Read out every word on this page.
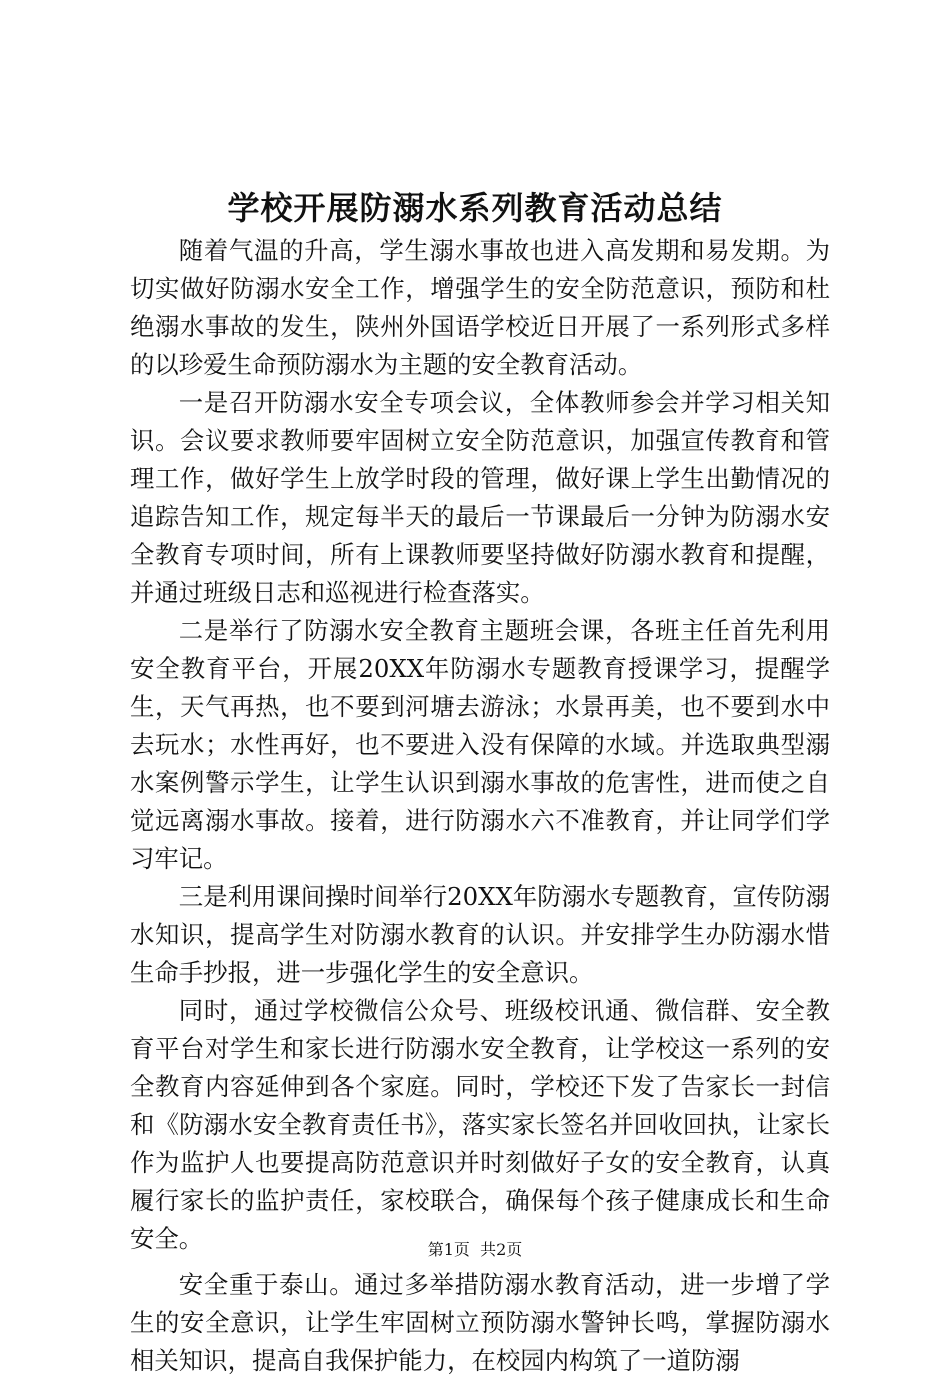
学校开展防溺水系列教育活动总结

随着气温的升高，学生溺水事故也进入高发期和易发期。为切实做好防溺水安全工作，增强学生的安全防范意识，预防和杜绝溺水事故的发生，陕州外国语学校近日开展了一系列形式多样的以珍爱生命预防溺水为主题的安全教育活动。

一是召开防溺水安全专项会议，全体教师参会并学习相关知识。会议要求教师要牢固树立安全防范意识，加强宣传教育和管理工作，做好学生上放学时段的管理，做好课上学生出勤情况的追踪告知工作，规定每半天的最后一节课最后一分钟为防溺水安全教育专项时间，所有上课教师要坚持做好防溺水教育和提醒，并通过班级日志和巡视进行检查落实。

二是举行了防溺水安全教育主题班会课，各班主任首先利用安全教育平台，开展20XX年防溺水专题教育授课学习，提醒学生，天气再热，也不要到河塘去游泳；水景再美，也不要到水中去玩水；水性再好，也不要进入没有保障的水域。并选取典型溺水案例警示学生，让学生认识到溺水事故的危害性，进而使之自觉远离溺水事故。接着，进行防溺水六不准教育，并让同学们学习牢记。

三是利用课间操时间举行20XX年防溺水专题教育，宣传防溺水知识，提高学生对防溺水教育的认识。并安排学生办防溺水惜生命手抄报，进一步强化学生的安全意识。

同时，通过学校微信公众号、班级校讯通、微信群、安全教育平台对学生和家长进行防溺水安全教育，让学校这一系列的安全教育内容延伸到各个家庭。同时，学校还下发了告家长一封信和《防溺水安全教育责任书》，落实家长签名并回收回执，让家长作为监护人也要提高防范意识并时刻做好子女的安全教育，认真履行家长的监护责任，家校联合，确保每个孩子健康成长和生命安全。

安全重于泰山。通过多举措防溺水教育活动，进一步增了学生的安全意识，让学生牢固树立预防溺水警钟长鸣，掌握防溺水相关知识，提高自我保护能力，在校园内构筑了一道防溺

第1页 共2页
